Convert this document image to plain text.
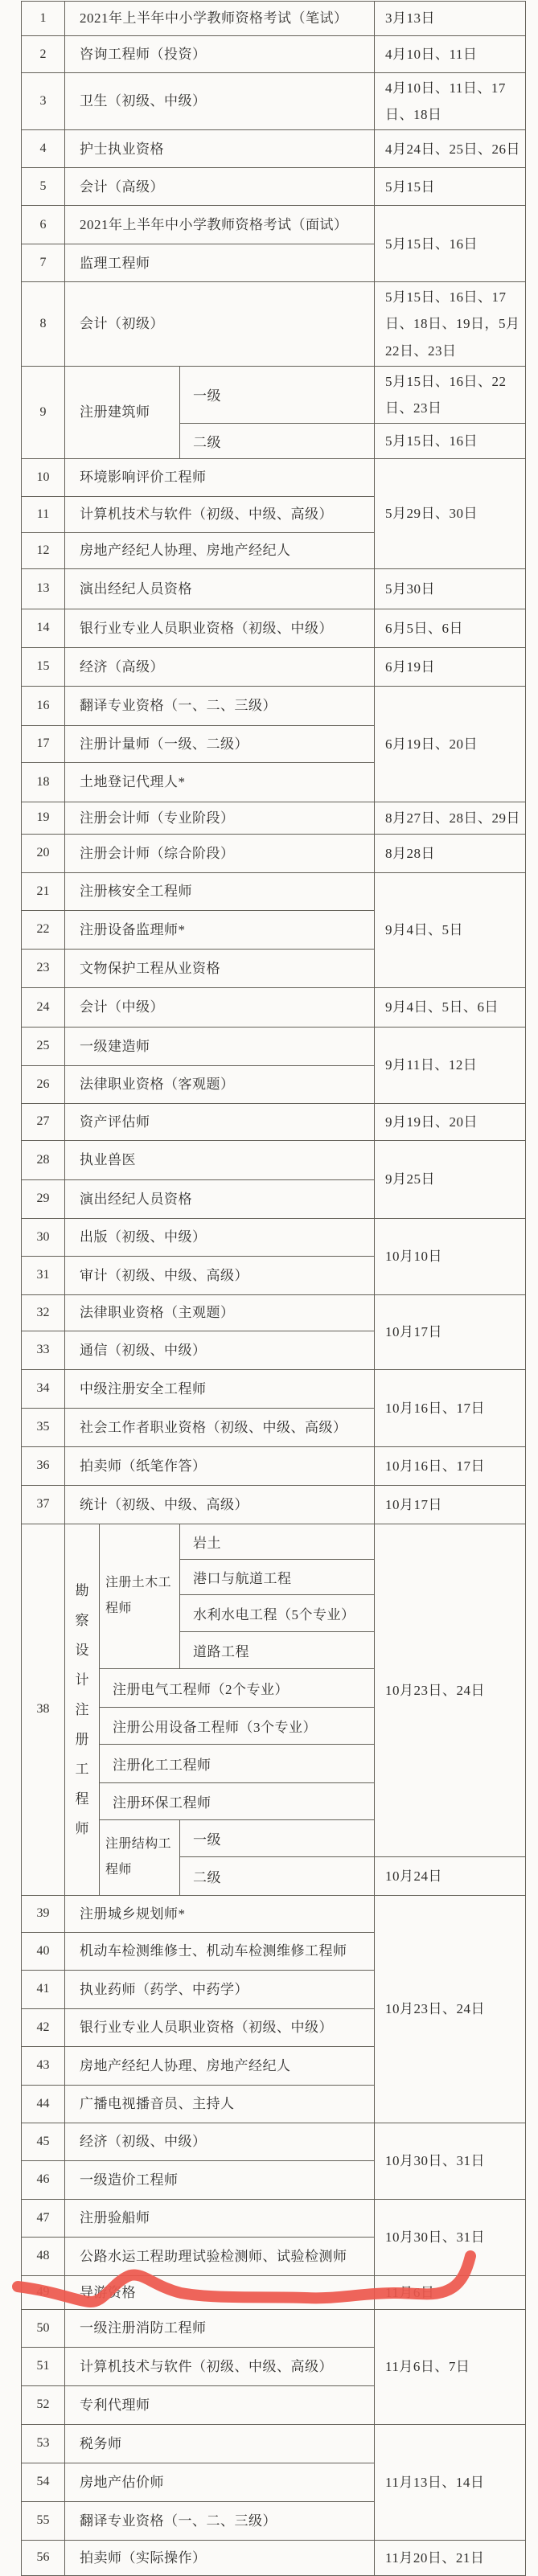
1	2021年上半年中小学教师资格考试（笔试）			3月13日
2	咨询工程师（投资）			4月10日、11日
3	卫生（初级、中级）			4月10日、11日、17日、18日
4	护士执业资格			4月24日、25日、26日
5	会计（高级）			5月15日
6	2021年上半年中小学教师资格考试（面试）			5月15日、16日
7	监理工程师			
8	会计（初级）			5月15日、16日、17日、18日、19日，5月22日、23日
9	注册建筑师		一级	5月15日、16日、22日、23日
			二级	5月15日、16日
10	环境影响评价工程师			5月29日、30日
11	计算机技术与软件（初级、中级、高级）			
12	房地产经纪人协理、房地产经纪人			
13	演出经纪人员资格			5月30日
14	银行业专业人员职业资格（初级、中级）			6月5日、6日
15	经济（高级）			6月19日
16	翻译专业资格（一、二、三级）			6月19日、20日
17	注册计量师（一级、二级）			
18	土地登记代理人*			
19	注册会计师（专业阶段）			8月27日、28日、29日
20	注册会计师（综合阶段）			8月28日
21	注册核安全工程师			9月4日、5日
22	注册设备监理师*			
23	文物保护工程从业资格			
24	会计（中级）			9月4日、5日、6日
25	一级建造师			9月11日、12日
26	法律职业资格（客观题）			
27	资产评估师			9月19日、20日
28	执业兽医			9月25日
29	演出经纪人员资格			
30	出版（初级、中级）			10月10日
31	审计（初级、中级、高级）			
32	法律职业资格（主观题）			10月17日
33	通信（初级、中级）			
34	中级注册安全工程师			10月16日、17日
35	社会工作者职业资格（初级、中级、高级）			
36	拍卖师（纸笔作答）			10月16日、17日
37	统计（初级、中级、高级）			10月17日
38	勘察设计注册工程师	注册土木工程师	岩土	10月23日、24日
			港口与航道工程	
			水利水电工程（5个专业）	
			道路工程	
		注册电气工程师（2个专业）		
		注册公用设备工程师（3个专业）		
		注册化工工程师		
		注册环保工程师		
		注册结构工程师	一级	
			二级	10月24日
39	注册城乡规划师*			10月23日、24日
40	机动车检测维修士、机动车检测维修工程师			
41	执业药师（药学、中药学）			
42	银行业专业人员职业资格（初级、中级）			
43	房地产经纪人协理、房地产经纪人			
44	广播电视播音员、主持人			
45	经济（初级、中级）			10月30日、31日
46	一级造价工程师			
47	注册验船师			10月30日、31日
48	公路水运工程助理试验检测师、试验检测师			
49	导游资格			11月6日
50	一级注册消防工程师			11月6日、7日
51	计算机技术与软件（初级、中级、高级）			
52	专利代理师			
53	税务师			11月13日、14日
54	房地产估价师			
55	翻译专业资格（一、二、三级）			
56	拍卖师（实际操作）			11月20日、21日
